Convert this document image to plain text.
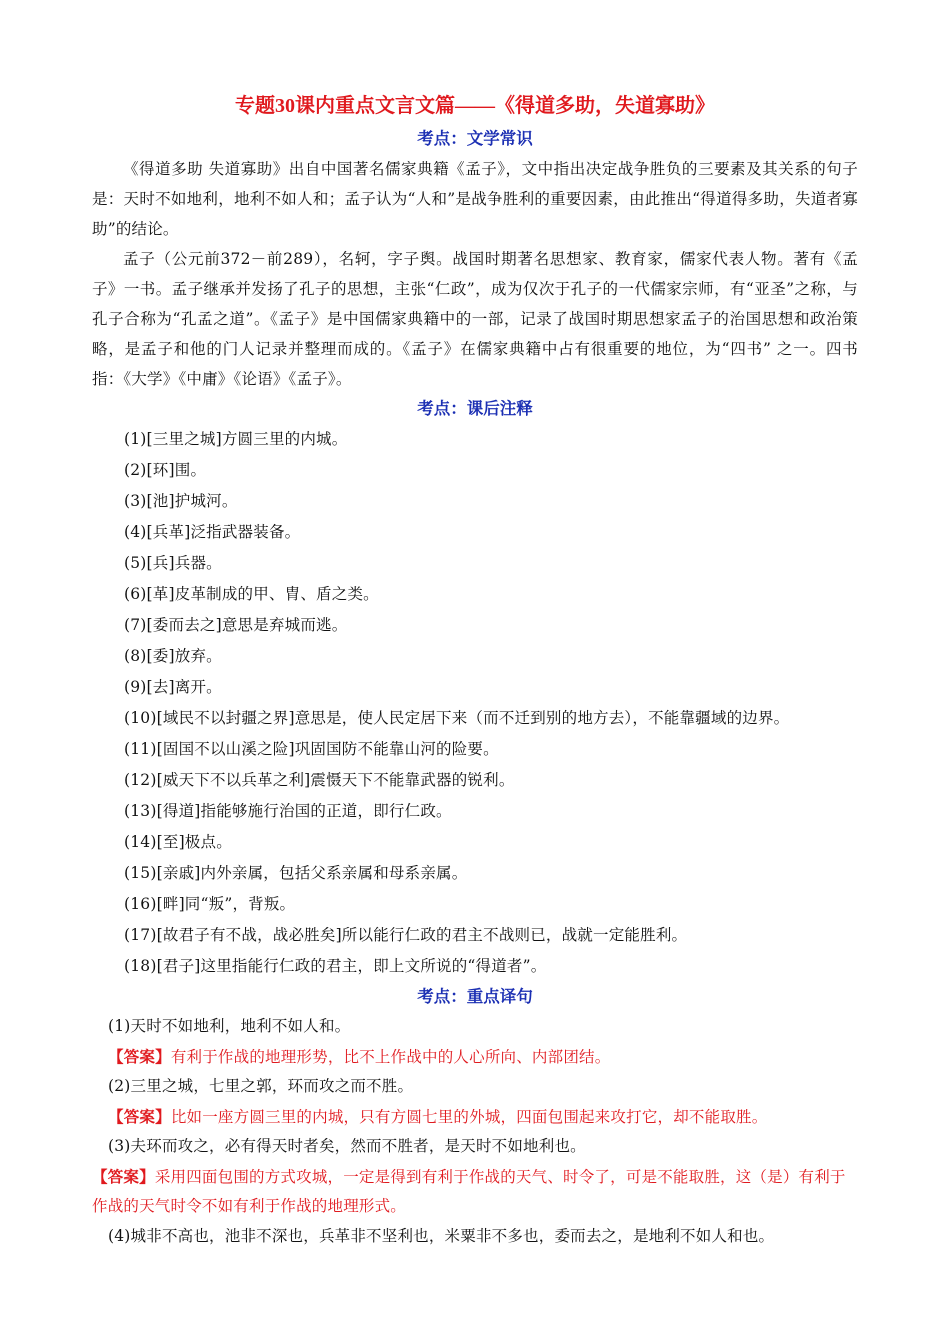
专题30课内重点文言文篇——《得道多助，失道寡助》
考点：文学常识

《得道多助 失道寡助》出自中国著名儒家典籍《孟子》，文中指出决定战争胜负的三要素及其关系的句子是：天时不如地利，地利不如人和；孟子认为“人和”是战争胜利的重要因素，由此推出“得道得多助，失道者寡助”的结论。

孟子（公元前372－前289），名轲，字子舆。战国时期著名思想家、教育家，儒家代表人物。著有《孟子》一书。孟子继承并发扬了孔子的思想，主张“仁政”，成为仅次于孔子的一代儒家宗师，有“亚圣”之称，与孔子合称为“孔孟之道”。《孟子》是中国儒家典籍中的一部，记录了战国时期思想家孟子的治国思想和政治策略，是孟子和他的门人记录并整理而成的。《孟子》在儒家典籍中占有很重要的地位，为“四书” 之一。四书指：《大学》《中庸》《论语》《孟子》。

考点：课后注释
(1)[三里之城]方圆三里的内城。
(2)[环]围。
(3)[池]护城河。
(4)[兵革]泛指武器装备。
(5)[兵]兵器。
(6)[革]皮革制成的甲、胄、盾之类。
(7)[委而去之]意思是弃城而逃。
(8)[委]放弃。
(9)[去]离开。
(10)[域民不以封疆之界]意思是，使人民定居下来（而不迁到别的地方去），不能靠疆域的边界。
(11)[固国不以山溪之险]巩固国防不能靠山河的险要。
(12)[威天下不以兵革之利]震慑天下不能靠武器的锐利。
(13)[得道]指能够施行治国的正道，即行仁政。
(14)[至]极点。
(15)[亲戚]内外亲属，包括父系亲属和母系亲属。
(16)[畔]同“叛”，背叛。
(17)[故君子有不战，战必胜矣]所以能行仁政的君主不战则已，战就一定能胜利。
(18)[君子]这里指能行仁政的君主，即上文所说的“得道者”。
考点：重点译句

(1)天时不如地利，地利不如人和。

【答案】有利于作战的地理形势，比不上作战中的人心所向、内部团结。

(2)三里之城，七里之郭，环而攻之而不胜。

【答案】比如一座方圆三里的内城，只有方圆七里的外城，四面包围起来攻打它，却不能取胜。

(3)夫环而攻之，必有得天时者矣，然而不胜者，是天时不如地利也。

【答案】采用四面包围的方式攻城，一定是得到有利于作战的天气、时令了，可是不能取胜，这（是）有利于作战的天气时令不如有利于作战的地理形式。

(4)城非不高也，池非不深也，兵革非不坚利也，米粟非不多也，委而去之，是地利不如人和也。
